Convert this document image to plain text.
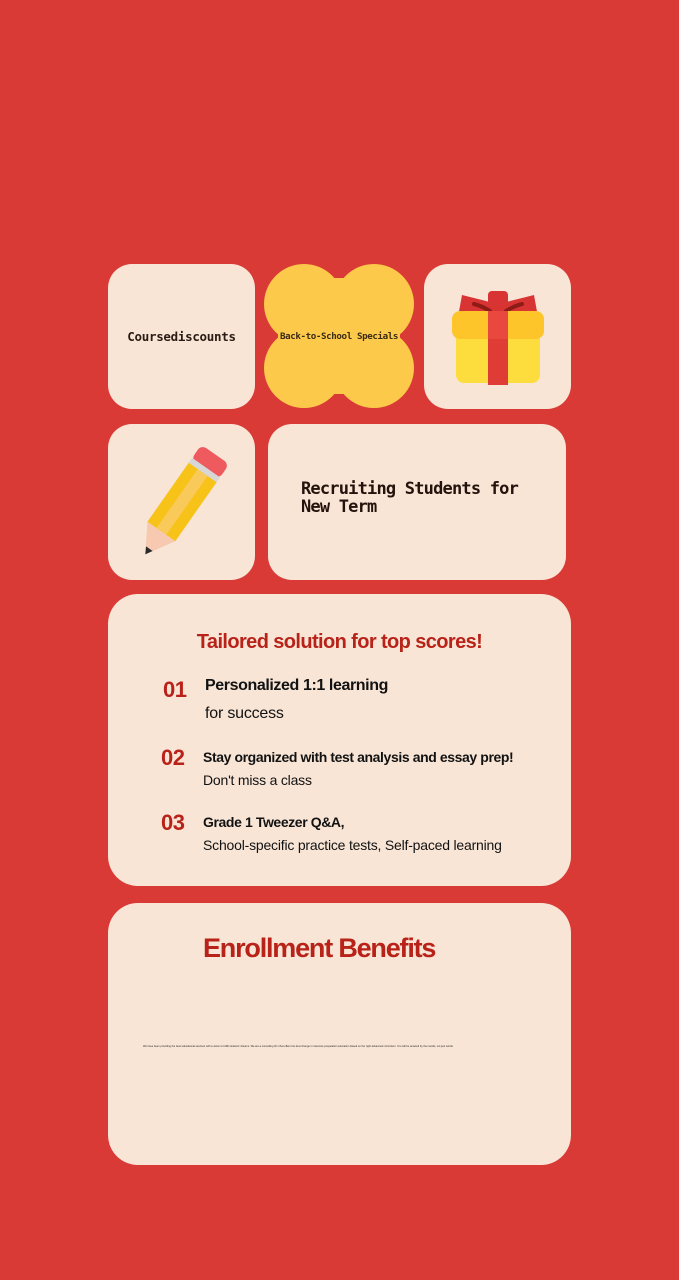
Coursediscounts	Back-to-School Specials
Recruiting Students for New Term
Tailored solution for top scores!
01 Personalized 1:1 learning
for success
02 Stay organized with test analysis and essay prep!
Don't miss a class
03 Grade 1 Tweezer Q&A,
School-specific practice tests, Self-paced learning
Enrollment Benefits
We have been providing the best educational services with a vision to fulfill students' dreams. We are a consulting firm that offers the best change in intensive preparation education based on the right advanced curriculum. You will be amazed by the results, not just words.
